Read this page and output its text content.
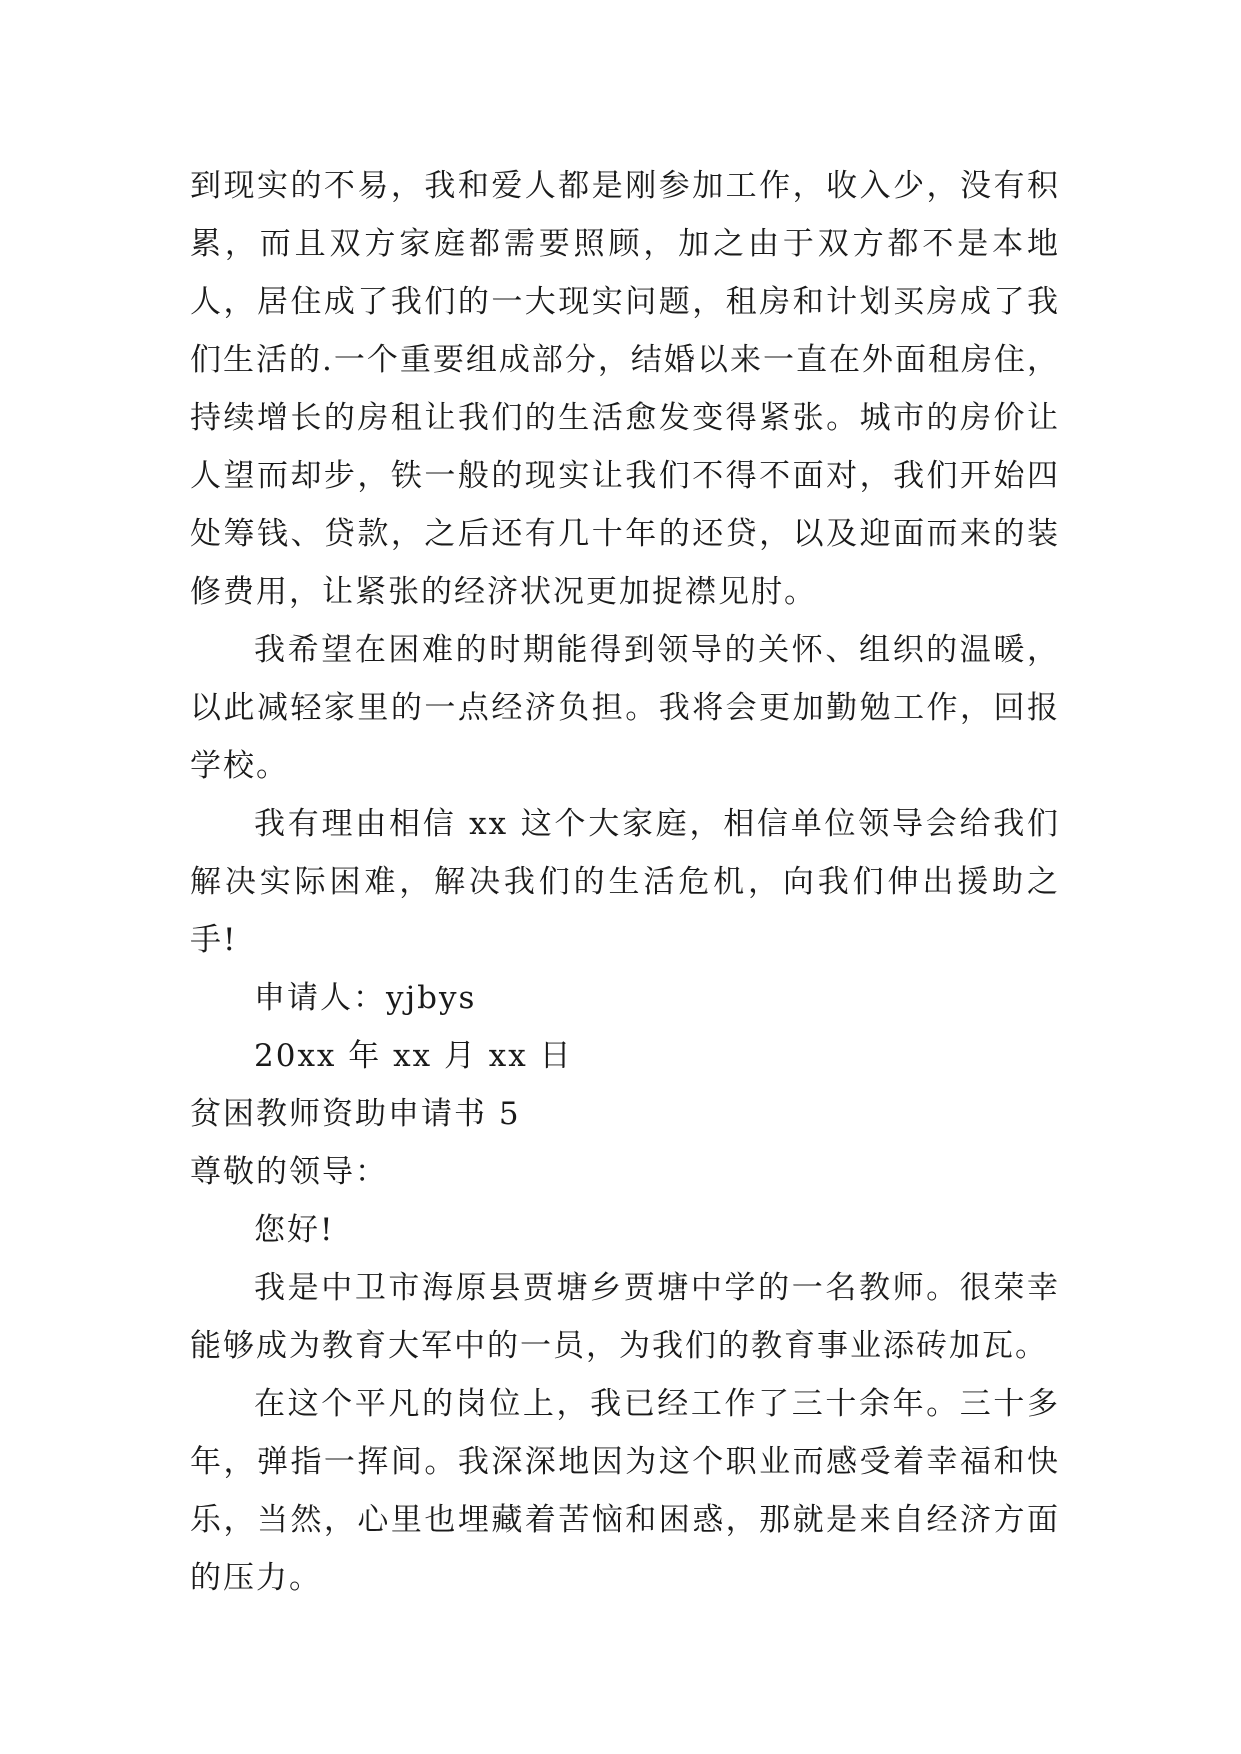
到现实的不易，我和爱人都是刚参加工作，收入少，没有积累，而且双方家庭都需要照顾，加之由于双方都不是本地人，居住成了我们的一大现实问题，租房和计划买房成了我们生活的.一个重要组成部分，结婚以来一直在外面租房住，持续增长的房租让我们的生活愈发变得紧张。城市的房价让人望而却步，铁一般的现实让我们不得不面对，我们开始四处筹钱、贷款，之后还有几十年的还贷，以及迎面而来的装修费用，让紧张的经济状况更加捉襟见肘。

我希望在困难的时期能得到领导的关怀、组织的温暖，以此减轻家里的一点经济负担。我将会更加勤勉工作，回报学校。

我有理由相信 xx 这个大家庭，相信单位领导会给我们解决实际困难，解决我们的生活危机，向我们伸出援助之手!

申请人：yjbys

20xx 年 xx 月 xx 日

贫困教师资助申请书 5

尊敬的领导：

您好!

我是中卫市海原县贾塘乡贾塘中学的一名教师。很荣幸能够成为教育大军中的一员，为我们的教育事业添砖加瓦。

在这个平凡的岗位上，我已经工作了三十余年。三十多年，弹指一挥间。我深深地因为这个职业而感受着幸福和快乐，当然，心里也埋藏着苦恼和困惑，那就是来自经济方面的压力。
